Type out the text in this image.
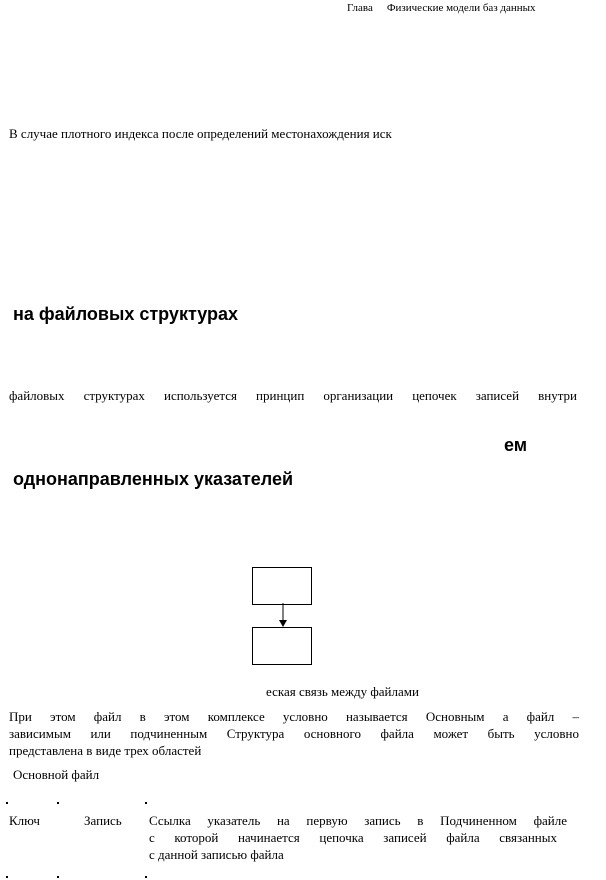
Глава Физические модели баз данных
В случае плотного индекса после определений местонахождения иск
на файловых структурах
файловых структурах используется принцип организации цепочек записей внутри
ем
однонаправленных указателей
еская связь между файлами
При этом файл в этом комплексе условно называется Основным а файл –
зависимым или подчиненным Структура основного файла может быть условно
представлена в виде трех областей
Основной файл
Ключ	Запись Ссылка указатель на первую запись в Подчиненном файле
с которой начинается цепочка записей файла связанных
с данной записью файла
